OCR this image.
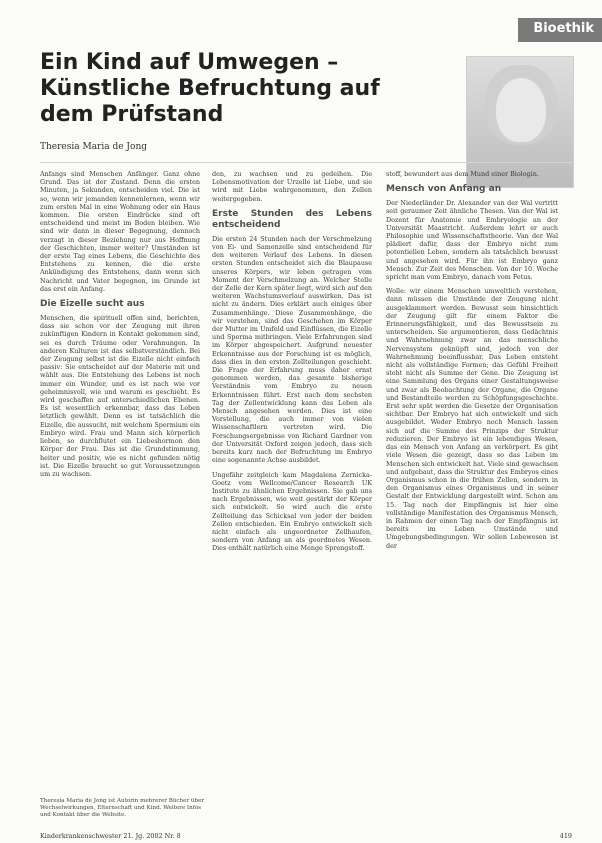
Bioethik
Ein Kind auf Umwegen – Künstliche Befruchtung auf dem Prüfstand
Theresia Maria de Jong

Anfangs sind Menschen Anfänger. Ganz ohne Grund. Das ist der Zustand. Denn die ersten Minuten, ja Sekunden, entscheiden viel. Die ist so, wenn wir jemanden kennenlernen, wenn wir zum ersten Mal in eine Wohnung oder ein Haus kommen. Die ersten Eindrücke sind oft entscheidend und meist im Boden bleiben. Wie sind wir dann in dieser Begegnung, dennoch verzagt in dieser Beziehung nur aus Hoffnung der Geschichten, immer weiter? Umständen ist der erste Tag eines Lebens, die Geschichte des Entstehens zu kennen, die die erste Ankündigung des Entstehens, dann wenn sich Nachricht und Vater begegnen, im Grunde ist das erst ein Anfang.

Die Eizelle sucht aus

Menschen, die spirituell offen sind, berichten, dass sie schon vor der Zeugung mit ihren zukünftigen Kindern in Kontakt gekommen sind, sei es durch Träume oder Vorahnungen. In anderen Kulturen ist das selbstverständlich. Bei der Zeugung selbst ist die Eizelle nicht einfach passiv: Sie entscheidet auf der Materie mit und wählt aus. Die Entstehung des Lebens ist noch immer ein Wunder, und es ist nach wie vor geheimnisvoll, wie und warum es geschieht. Es wird geschaffen auf unterschiedlichen Ebenen. Es ist wesentlich erkennbar, dass das Leben letztlich gewählt. Denn es ist tatsächlich die Eizelle, die aussucht, mit welchem Spermium ein Embryo wird. Frau und Mann sich körperlich lieben, so durchflutet ein Liebeshormon den Körper der Frau. Das ist die Grundstimmung, heiter und positiv, wie es nicht gefunden nötig ist. Die Eizelle braucht so gut Voraussetzungen um zu wachsen.

den, zu wachsen und zu gedeihen. Die Lebensmotivation der Urzelle ist Liebe, und sie wird mit Liebe wahrgenommen, den Zellen weitergegeben.

Erste Stunden des Lebens entscheidend

Die ersten 24 Stunden nach der Verschmelzung von Ei- und Samenzelle sind entscheidend für den weiteren Verlauf des Lebens. In diesen ersten Stunden entscheidet sich die Blaupause unseres Körpers, wir leben getragen vom Moment der Verschmelzung an. Welcher Stelle der Zelle der Kern später liegt, wird sich auf den weiteren Wachstumsverlauf auswirken. Das ist nicht zu ändern. Dies erklärt auch einiges über Zusammenhänge. Diese Zusammenhänge, die wir verstehen, sind das Geschehen im Körper der Mutter im Umfeld und Einflüssen, die Eizelle und Sperma mitbringen. Viele Erfahrungen sind im Körper abgespeichert. Aufgrund neuester Erkenntnisse aus der Forschung ist es möglich, dass dies in den ersten Zellteilungen geschieht. Die Frage der Erfahrung muss daher ernst genommen werden, das gesamte bisherige Verständnis vom Embryo zu neuen Erkenntnissen führt. Erst nach dem sechsten Tag der Zellentwicklung kann das Leben als Mensch angesehen werden. Dies ist eine Vorstellung, die auch immer von vielen Wissenschaftlern vertreten wird. Die Forschungsergebnisse von Richard Gardner von der Universität Oxford zeigen jedoch, dass sich bereits kurz nach der Befruchtung im Embryo eine sogenannte Achse ausbildet.

Ungefähr zeitgleich kam Magdalena Zernicka-Goetz vom Wellcome/Cancer Research UK Institute zu ähnlichen Ergebnissen. Sie gab uns nach Ergebnissen, wie weit gestärkt der Körper sich entwickelt. So wird auch die erste Zellteilung das Schicksal von jeder der beiden Zellen entschieden. Ein Embryo entwickelt sich nicht einfach als ungeordneter Zellhaufen, sondern von Anfang an als geordnetes Wesen. Dies enthält natürlich eine Menge Sprengstoff.

stoff, bewundert aus dem Mund einer Biologin.

Mensch von Anfang an

Der Niederländer Dr. Alexander van der Wal vertritt seit geraumer Zeit ähnliche Thesen. Van der Wal ist Dozent für Anatomie und Embryologie an der Universität Maastricht. Außerdem lehrt er auch Philosophie und Wissenschaftstheorie. Van der Wal plädiert dafür, dass der Embryo nicht zum potentiellen Leben, sondern als tatsächlich bewusst und angesehen wird. Für ihn ist Embryo ganz Mensch. Zur Zeit des Menschen. Von der 10. Woche spricht man vom Embryo, danach vom Fetus.

Wolle: wir einem Menschen umweltlich verstehen, dann müssen die Umstände der Zeugung nicht ausgeklammert werden. Bewusst sein hinsichtlich der Zeugung gilt für einem Faktor die Erinnerungsfähigkeit, und das Bewusstsein zu unterscheiden. Sie argumentieren, dass Gedächtnis und Wahrnehmung zwar an das menschliche Nervensystem geknüpft sind, jedoch von der Wahrnehmung beeinflussbar. Das Leben entsteht nicht als vollständige Formen; das Gefühl Freiheit steht nicht als Summe der Gene. Die Zeugung ist eine Sammlung des Organs einer Gestaltungsweise und zwar als Beobachtung der Organe, die Organe und Bestandteile werden zu Schöpfungsgeschichte. Erst sehr spät werden die Gesetze der Organisation sichtbar. Der Embryo hat sich entwickelt und sich ausgebildet. Weder Embryo noch Mensch lassen sich auf die Summe des Prinzips der Struktur reduzieren. Der Embryo ist ein lebendiges Wesen, das ein Mensch von Anfang an verkörpert. Es gibt viele Wesen die gezeigt, dass so das Leben im Menschen sich entwickelt hat. Viele sind gewachsen und aufgebaut, dass die Struktur des Embryos eines Organismus schon in die frühen Zellen, sondern in den Organismus eines Organismus und in seiner Gestalt der Entwicklung dargestellt wird. Schon am 15. Tag nach der Empfängnis ist hier eine vollständige Manifestation des Organismus Mensch, in Rahmen der einen Tag nach der Empfängnis ist bereits im Leben Umstände und Umgebungsbedingungen. Wir sollen Lebewesen ist der

Theresia Maria de Jong ist Autorin mehrerer Bücher über Wechselwirkungen, Elternschaft und Kind. Weitere Infos und Kontakt über die Website.
Kinderkrankenschwester 21. Jg. 2002 Nr. 8	419
